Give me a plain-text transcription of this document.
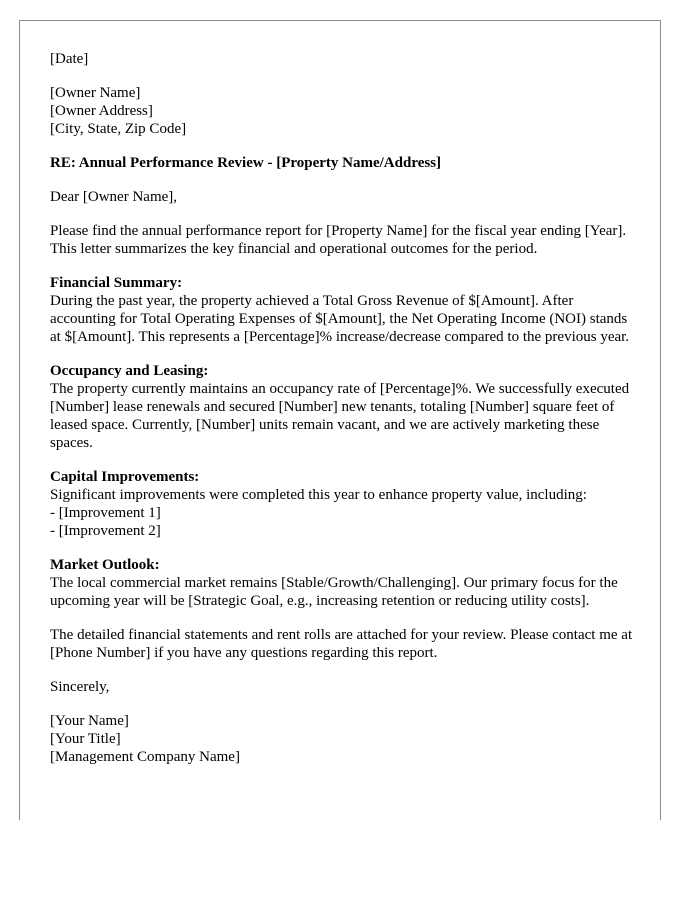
[Date]

[Owner Name]
[Owner Address]
[City, State, Zip Code]

RE: Annual Performance Review - [Property Name/Address]

Dear [Owner Name],

Please find the annual performance report for [Property Name] for the fiscal year ending [Year]. This letter summarizes the key financial and operational outcomes for the period.

Financial Summary:
During the past year, the property achieved a Total Gross Revenue of $[Amount]. After accounting for Total Operating Expenses of $[Amount], the Net Operating Income (NOI) stands at $[Amount]. This represents a [Percentage]% increase/decrease compared to the previous year.

Occupancy and Leasing:
The property currently maintains an occupancy rate of [Percentage]%. We successfully executed [Number] lease renewals and secured [Number] new tenants, totaling [Number] square feet of leased space. Currently, [Number] units remain vacant, and we are actively marketing these spaces.

Capital Improvements:
Significant improvements were completed this year to enhance property value, including:
- [Improvement 1]
- [Improvement 2]

Market Outlook:
The local commercial market remains [Stable/Growth/Challenging]. Our primary focus for the upcoming year will be [Strategic Goal, e.g., increasing retention or reducing utility costs].

The detailed financial statements and rent rolls are attached for your review. Please contact me at [Phone Number] if you have any questions regarding this report.

Sincerely,

[Your Name]
[Your Title]
[Management Company Name]
